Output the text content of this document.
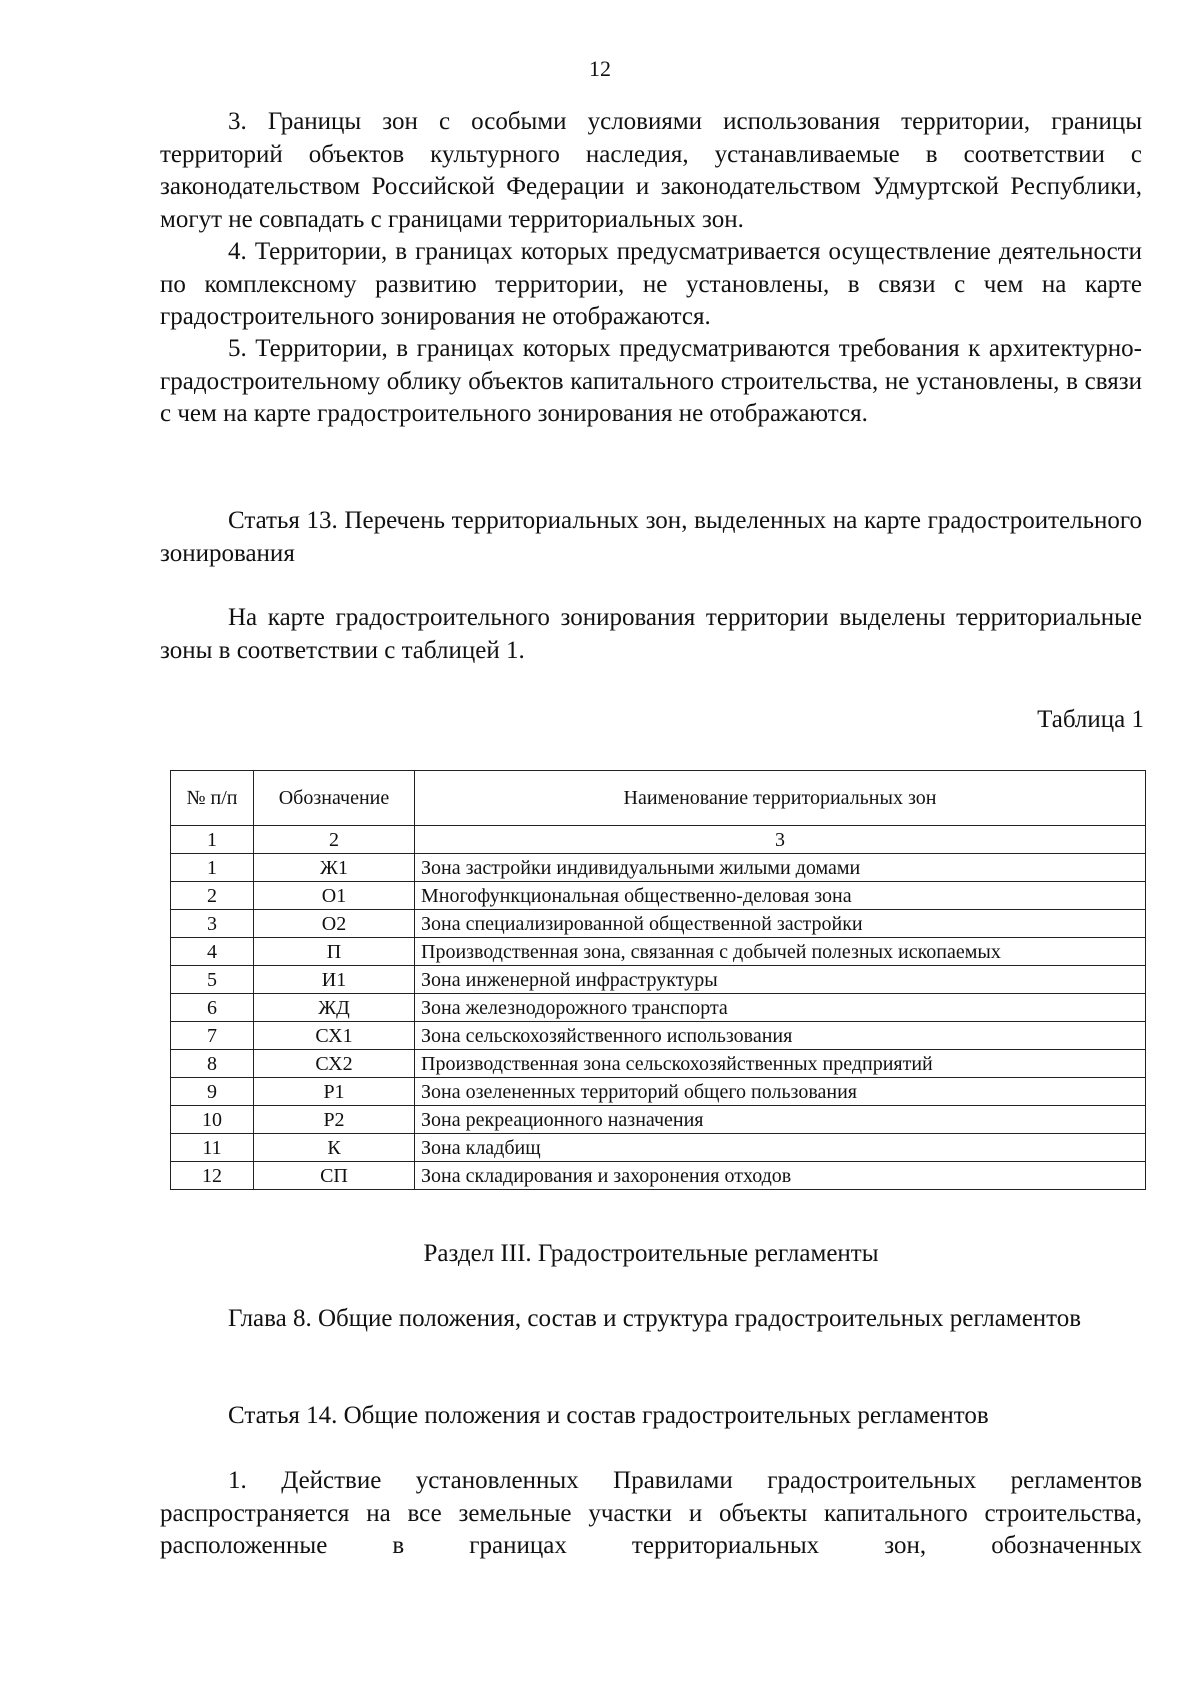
12

3. Границы зон с особыми условиями использования территории, границы территорий объектов культурного наследия, устанавливаемые в соответствии с законодательством Российской Федерации и законодательством Удмуртской Республики, могут не совпадать с границами территориальных зон.

4. Территории, в границах которых предусматривается осуществление деятельности по комплексному развитию территории, не установлены, в связи с чем на карте градостроительного зонирования не отображаются.

5. Территории, в границах которых предусматриваются требования к архитектурно-градостроительному облику объектов капитального строительства, не установлены, в связи с чем на карте градостроительного зонирования не отображаются.

Статья 13. Перечень территориальных зон, выделенных на карте градостроительного зонирования

На карте градостроительного зонирования территории выделены территориальные зоны в соответствии с таблицей 1.

Таблица 1
№ п/п	Обозначение	Наименование территориальных зон
1	2	3
1	Ж1	Зона застройки индивидуальными жилыми домами
2	О1	Многофункциональная общественно-деловая зона
3	О2	Зона специализированной общественной застройки
4	П	Производственная зона, связанная с добычей полезных ископаемых
5	И1	Зона инженерной инфраструктуры
6	ЖД	Зона железнодорожного транспорта
7	СХ1	Зона сельскохозяйственного использования
8	СХ2	Производственная зона сельскохозяйственных предприятий
9	Р1	Зона озелененных территорий общего пользования
10	Р2	Зона рекреационного назначения
11	К	Зона кладбищ
12	СП	Зона складирования и захоронения отходов
Раздел III. Градостроительные регламенты

Глава 8. Общие положения, состав и структура градостроительных регламентов

Статья 14. Общие положения и состав градостроительных регламентов

1. Действие установленных Правилами градостроительных регламентов распространяется на все земельные участки и объекты капитального строительства, расположенные в границах территориальных зон, обозначенных
